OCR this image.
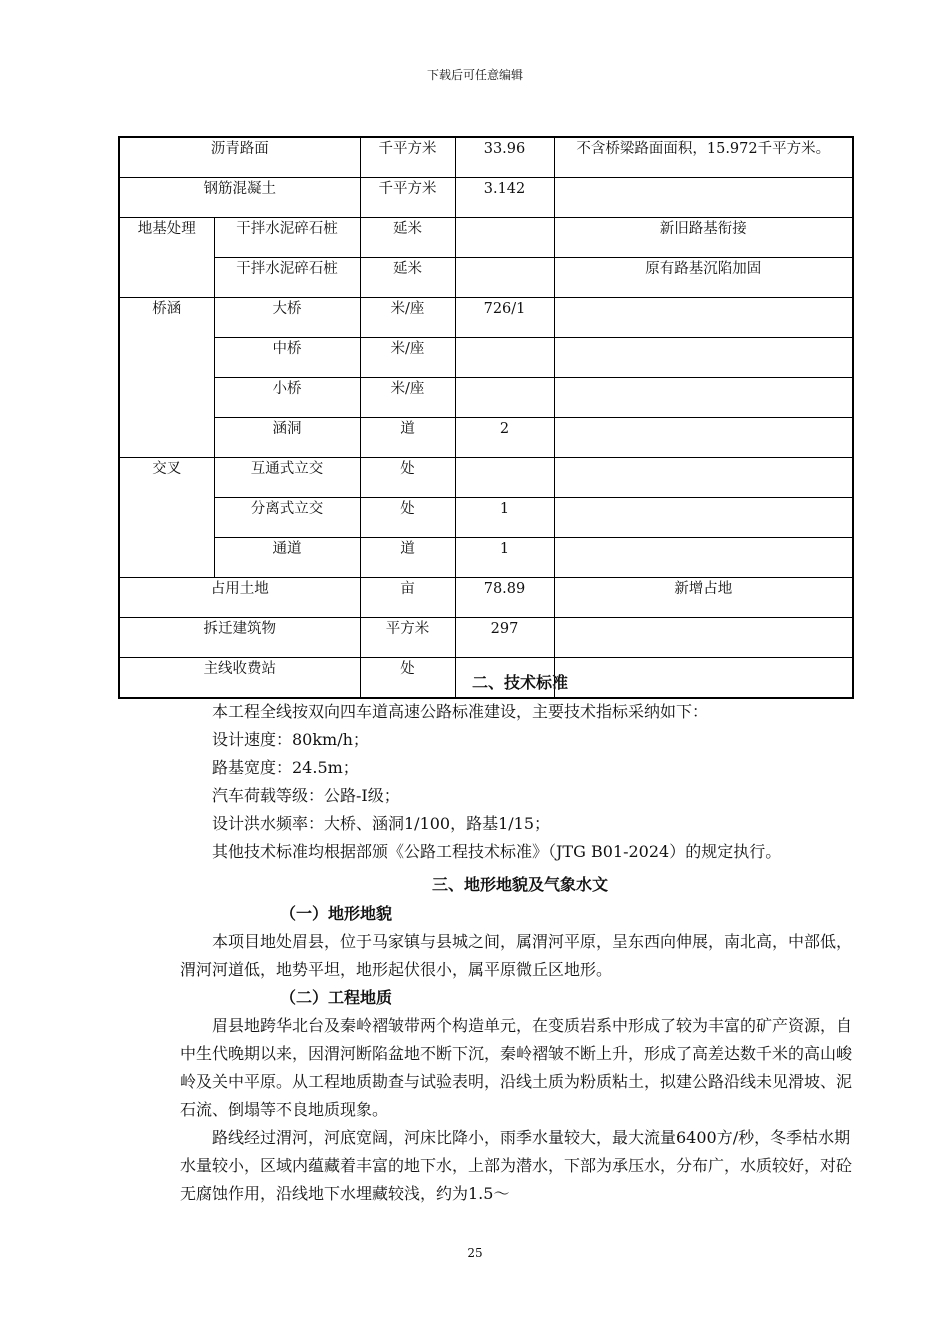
下载后可任意编辑
沥青路面		千平方米	33.96	不含桥梁路面面积，15.972千平方米。
钢筋混凝土		千平方米	3.142	
地基处理	干拌水泥碎石桩	延米		新旧路基衔接
	干拌水泥碎石桩	延米		原有路基沉陷加固
桥涵	大桥	米/座	726/1	
	中桥	米/座		
	小桥	米/座		
	涵洞	道	2	
交叉	互通式立交	处		
	分离式立交	处	1	
	通道	道	1	
占用土地		亩	78.89	新增占地
拆迁建筑物		平方米	297	
主线收费站		处		
二、技术标准

本工程全线按双向四车道高速公路标准建设，主要技术指标采纳如下：

设计速度：80km/h；

路基宽度：24.5m；

汽车荷载等级：公路-Ⅰ级；

设计洪水频率：大桥、涵洞1/100，路基1/15；

其他技术标准均根据部颁《公路工程技术标准》（JTG B01-2024）的规定执行。

三、地形地貌及气象水文
（一）地形地貌

本项目地处眉县，位于马家镇与县城之间，属渭河平原，呈东西向伸展，南北高，中部低，渭河河道低，地势平坦，地形起伏很小，属平原微丘区地形。

（二）工程地质

眉县地跨华北台及秦岭褶皱带两个构造单元，在变质岩系中形成了较为丰富的矿产资源，自中生代晚期以来，因渭河断陷盆地不断下沉，秦岭褶皱不断上升，形成了高差达数千米的高山峻岭及关中平原。从工程地质勘查与试验表明，沿线土质为粉质粘土，拟建公路沿线未见滑坡、泥石流、倒塌等不良地质现象。

路线经过渭河，河底宽阔，河床比降小，雨季水量较大，最大流量6400方/秒，冬季枯水期水量较小，区域内蕴藏着丰富的地下水，上部为潜水，下部为承压水，分布广，水质较好，对砼无腐蚀作用，沿线地下水埋藏较浅，约为1.5～

25
